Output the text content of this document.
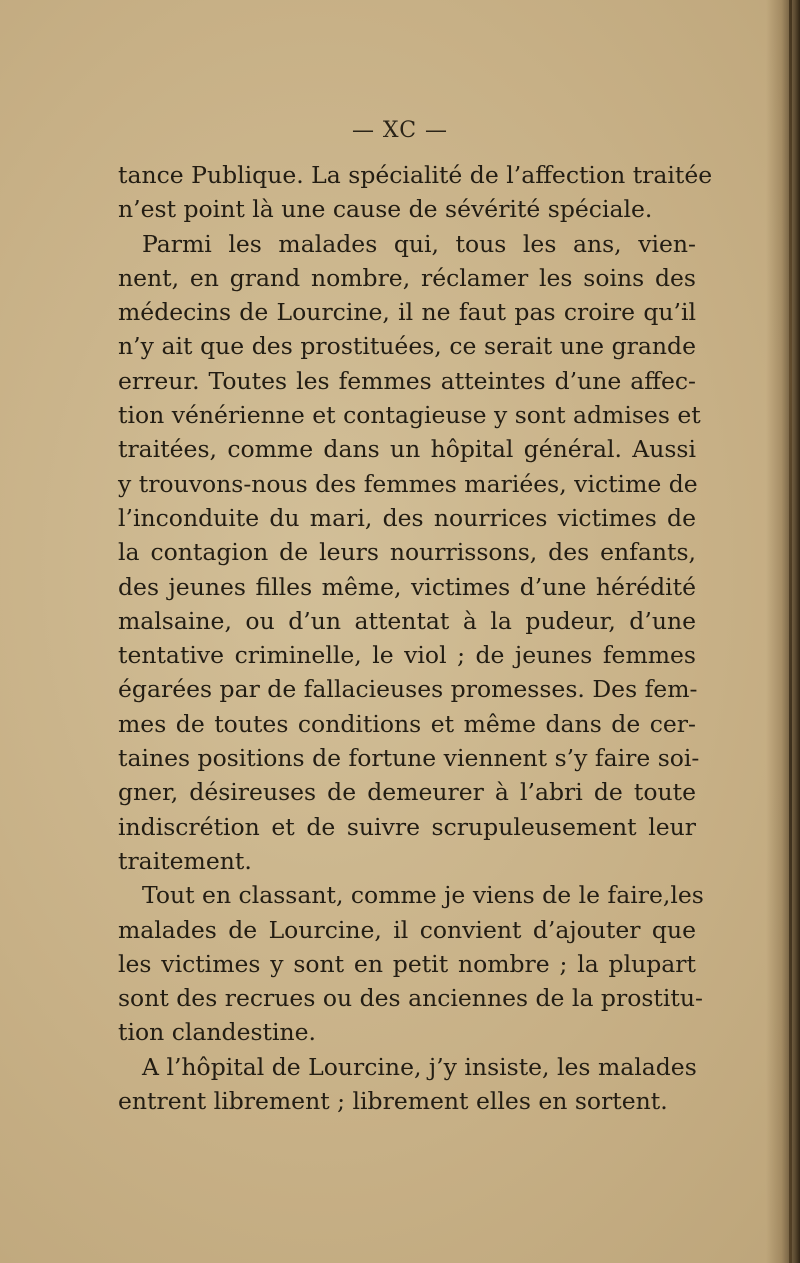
— XC —
tance Publique. La spécialité de l’affection traitée
n’est point là une cause de sévérité spéciale.
Parmi les malades qui, tous les ans, vien-
nent, en grand nombre, réclamer les soins des
médecins de Lourcine, il ne faut pas croire qu’il
n’y ait que des prostituées, ce serait une grande
erreur. Toutes les femmes atteintes d’une affec-
tion vénérienne et contagieuse y sont admises et
traitées, comme dans un hôpital général. Aussi
y trouvons-nous des femmes mariées, victime de
l’inconduite du mari, des nourrices victimes de
la contagion de leurs nourrissons, des enfants,
des jeunes filles même, victimes d’une hérédité
malsaine, ou d’un attentat à la pudeur, d’une
tentative criminelle, le viol ; de jeunes femmes
égarées par de fallacieuses promesses. Des fem-
mes de toutes conditions et même dans de cer-
taines positions de fortune viennent s’y faire soi-
gner, désireuses de demeurer à l’abri de toute
indiscrétion et de suivre scrupuleusement leur
traitement.
Tout en classant, comme je viens de le faire,les
malades de Lourcine, il convient d’ajouter que
les victimes y sont en petit nombre ; la plupart
sont des recrues ou des anciennes de la prostitu-
tion clandestine.
A l’hôpital de Lourcine, j’y insiste, les malades
entrent librement ; librement elles en sortent.
